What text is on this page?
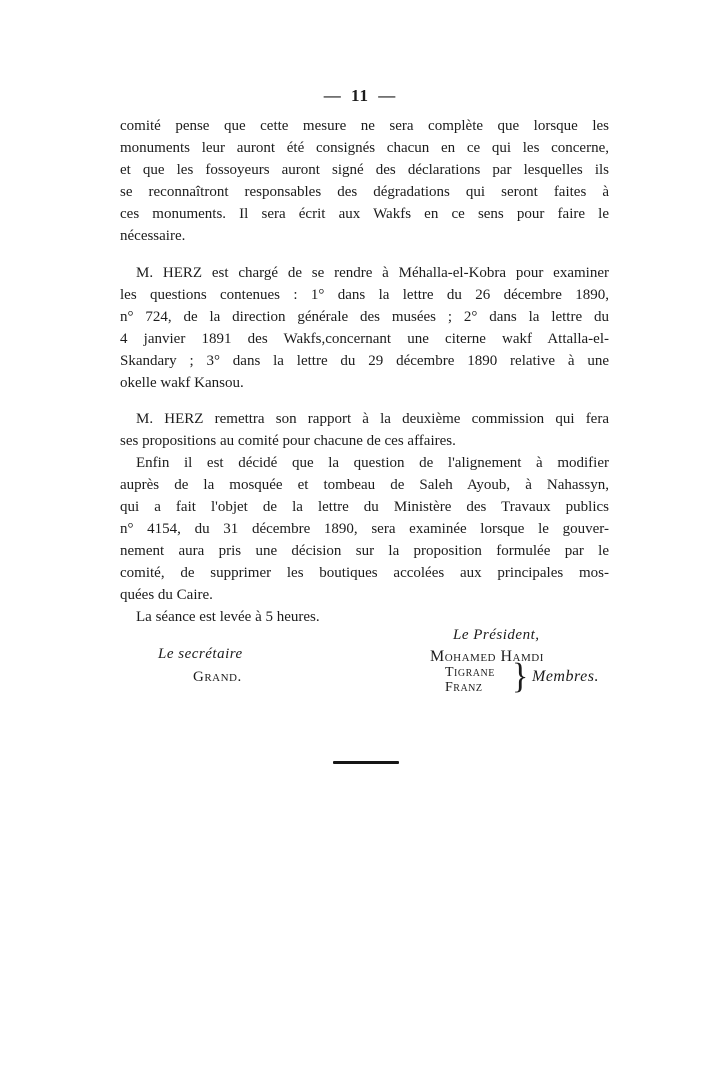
— 11 —
comité pense que cette mesure ne sera complète que lorsque les
monuments leur auront été consignés chacun en ce qui les concerne,
et que les fossoyeurs auront signé des déclarations par lesquelles ils
se reconnaîtront responsables des dégradations qui seront faites à
ces monuments. Il sera écrit aux Wakfs en ce sens pour faire le
nécessaire.
M. HERZ est chargé de se rendre à Méhalla-el-Kobra pour examiner
les questions contenues : 1° dans la lettre du 26 décembre 1890,
n° 724, de la direction générale des musées ; 2° dans la lettre du
4 janvier 1891 des Wakfs,concernant une citerne wakf Attalla-el-
Skandary ; 3° dans la lettre du 29 décembre 1890 relative à une
okelle wakf Kansou.
M. HERZ remettra son rapport à la deuxième commission qui fera
ses propositions au comité pour chacune de ces affaires.
Enfin il est décidé que la question de l'alignement à modifier
auprès de la mosquée et tombeau de Saleh Ayoub, à Nahassyn,
qui a fait l'objet de la lettre du Ministère des Travaux publics
n° 4154, du 31 décembre 1890, sera examinée lorsque le gouver-
nement aura pris une décision sur la proposition formulée par le
comité, de supprimer les boutiques accolées aux principales mos-
quées du Caire.
La séance est levée à 5 heures.
Le Président,
Mohamed Hamdi
Le secrétaire
Grand.	Tigrane
Franz } Membres.
